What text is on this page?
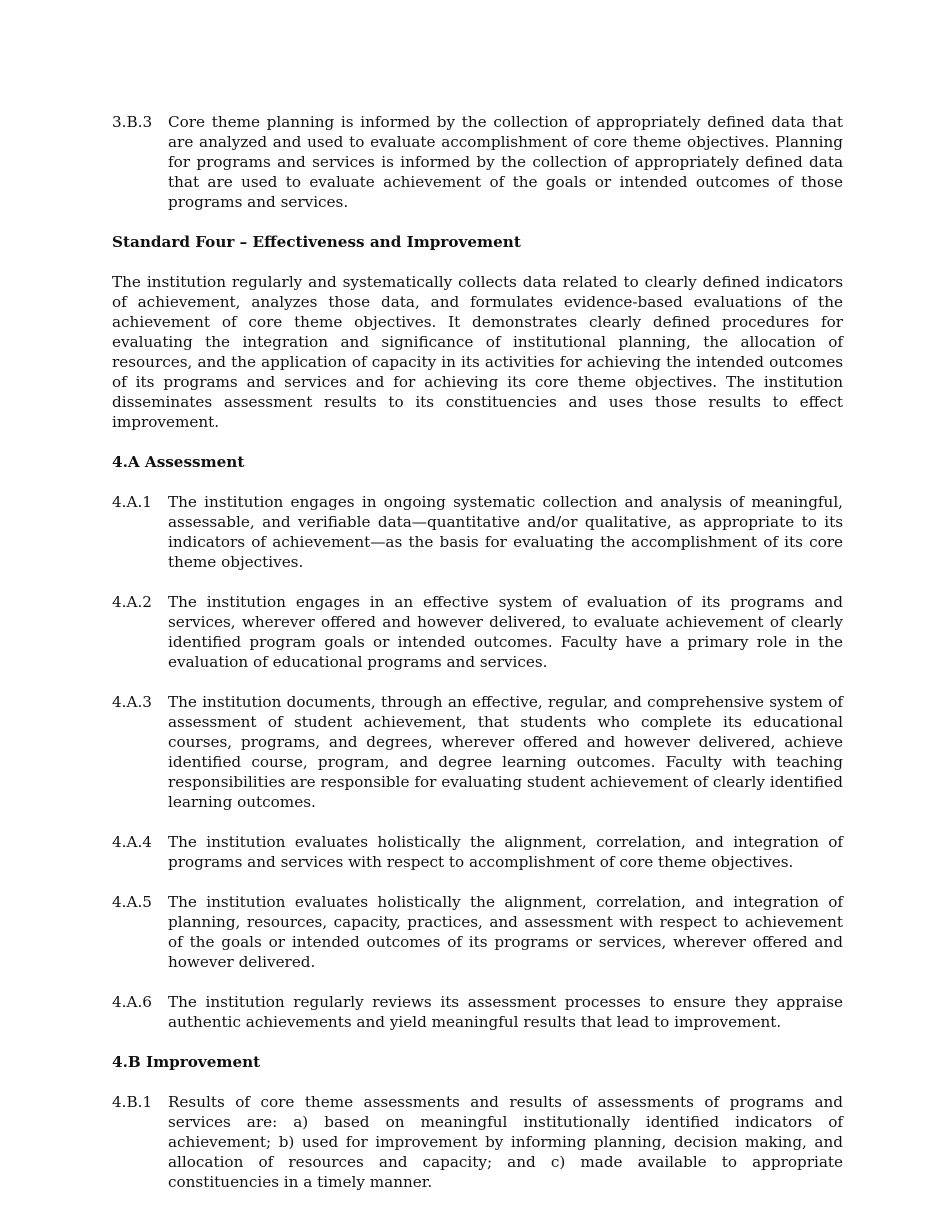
3.B.3	Core theme planning is informed by the collection of appropriately defined data that are analyzed and used to evaluate accomplishment of core theme objectives. Planning for programs and services is informed by the collection of appropriately defined data that are used to evaluate achievement of the goals or intended outcomes of those programs and services.

Standard Four – Effectiveness and Improvement

The institution regularly and systematically collects data related to clearly defined indicators of achievement, analyzes those data, and formulates evidence-based evaluations of the achievement of core theme objectives. It demonstrates clearly defined procedures for evaluating the integration and significance of institutional planning, the allocation of resources, and the application of capacity in its activities for achieving the intended outcomes of its programs and services and for achieving its core theme objectives. The institution disseminates assessment results to its constituencies and uses those results to effect improvement.

4.A Assessment

4.A.1	The institution engages in ongoing systematic collection and analysis of meaningful, assessable, and verifiable data—quantitative and/or qualitative, as appropriate to its indicators of achievement—as the basis for evaluating the accomplishment of its core theme objectives.
4.A.2	The institution engages in an effective system of evaluation of its programs and services, wherever offered and however delivered, to evaluate achievement of clearly identified program goals or intended outcomes. Faculty have a primary role in the evaluation of educational programs and services.
4.A.3	The institution documents, through an effective, regular, and comprehensive system of assessment of student achievement, that students who complete its educational courses, programs, and degrees, wherever offered and however delivered, achieve identified course, program, and degree learning outcomes. Faculty with teaching responsibilities are responsible for evaluating student achievement of clearly identified learning outcomes.
4.A.4	The institution evaluates holistically the alignment, correlation, and integration of programs and services with respect to accomplishment of core theme objectives.
4.A.5	The institution evaluates holistically the alignment, correlation, and integration of planning, resources, capacity, practices, and assessment with respect to achievement of the goals or intended outcomes of its programs or services, wherever offered and however delivered.
4.A.6	The institution regularly reviews its assessment processes to ensure they appraise authentic achievements and yield meaningful results that lead to improvement.

4.B Improvement

4.B.1	Results of core theme assessments and results of assessments of programs and services are: a) based on meaningful institutionally identified indicators of achievement; b) used for improvement by informing planning, decision making, and allocation of resources and capacity; and c) made available to appropriate constituencies in a timely manner.
